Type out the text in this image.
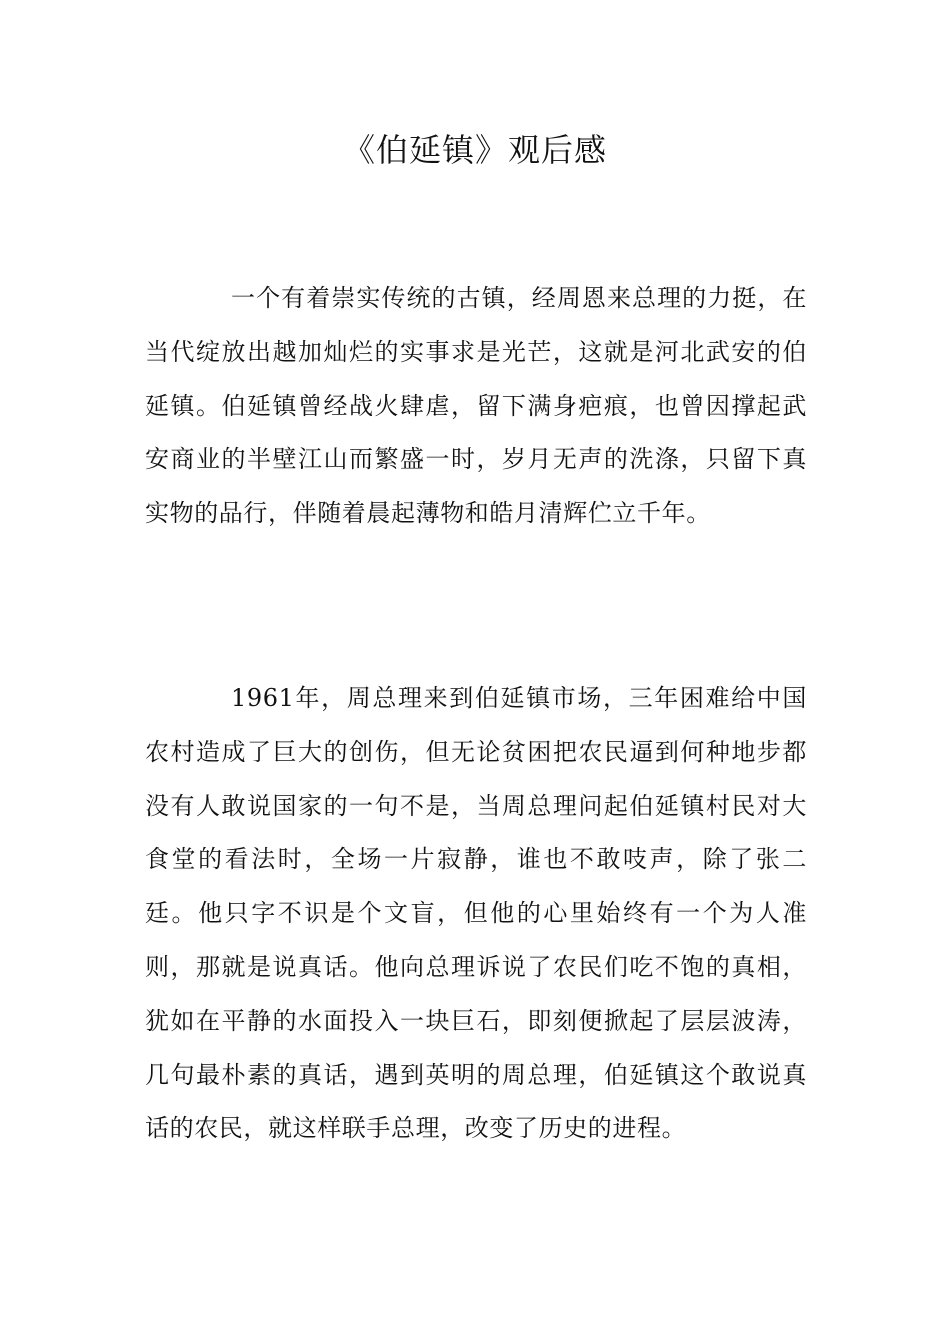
《伯延镇》观后感

一个有着崇实传统的古镇，经周恩来总理的力挺，在当代绽放出越加灿烂的实事求是光芒，这就是河北武安的伯延镇。伯延镇曾经战火肆虐，留下满身疤痕，也曾因撑起武安商业的半壁江山而繁盛一时，岁月无声的洗涤，只留下真实物的品行，伴随着晨起薄物和皓月清辉伫立千年。

1961年，周总理来到伯延镇市场，三年困难给中国农村造成了巨大的创伤，但无论贫困把农民逼到何种地步都没有人敢说国家的一句不是，当周总理问起伯延镇村民对大食堂的看法时，全场一片寂静，谁也不敢吱声，除了张二廷。他只字不识是个文盲，但他的心里始终有一个为人准则，那就是说真话。他向总理诉说了农民们吃不饱的真相，犹如在平静的水面投入一块巨石，即刻便掀起了层层波涛，几句最朴素的真话，遇到英明的周总理，伯延镇这个敢说真话的农民，就这样联手总理，改变了历史的进程。
